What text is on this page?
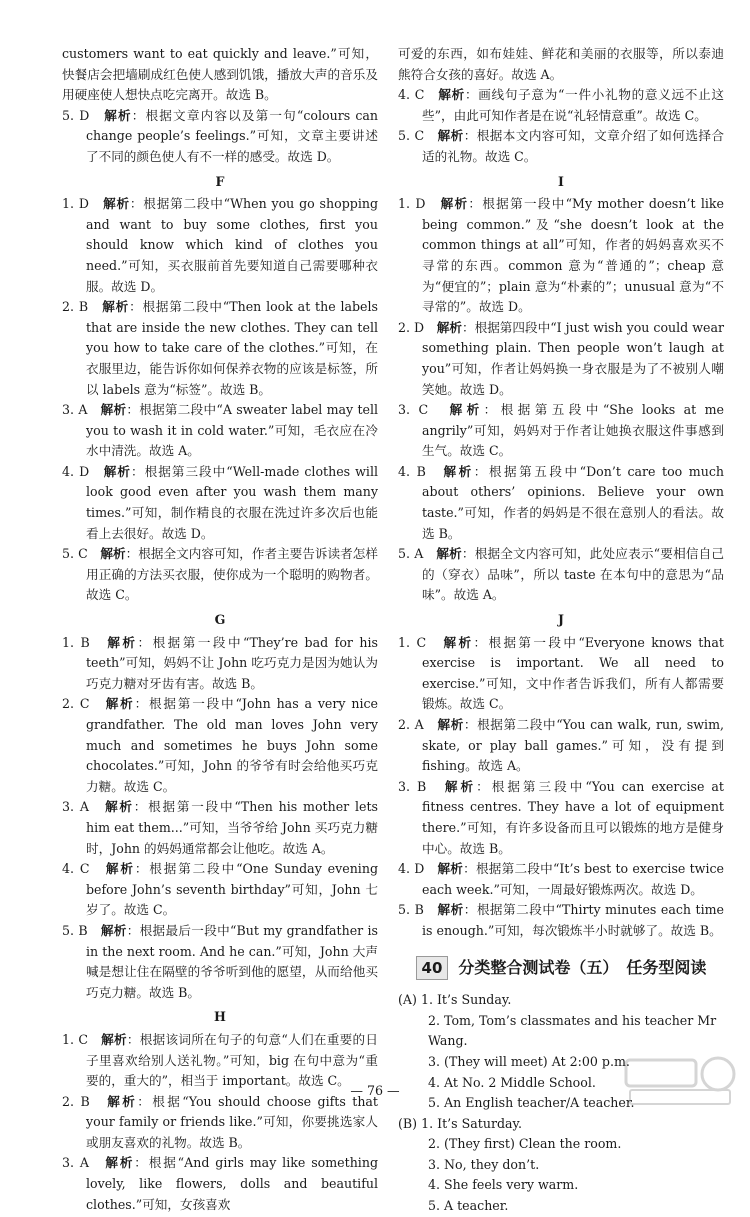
customers want to eat quickly and leave.”可知，快餐店会把墙刷成红色使人感到饥饿，播放大声的音乐及用硬座使人想快点吃完离开。故选 B。

5. D　 解析：根据文章内容以及第一句“colours can change people’s feelings.”可知，文章主要讲述了不同的颜色使人有不一样的感受。故选 D。

F

1. D　 解析：根据第二段中“When you go shopping and want to buy some clothes, first you should know which kind of clothes you need.”可知，买衣服前首先要知道自己需要哪种衣服。故选 D。

2. B　 解析：根据第二段中“Then look at the labels that are inside the new clothes. They can tell you how to take care of the clothes.”可知，在衣服里边，能告诉你如何保养衣物的应该是标签，所以 labels 意为“标签”。故选 B。

3. A　 解析：根据第二段中“A sweater label may tell you to wash it in cold water.”可知，毛衣应在冷水中清洗。故选 A。

4. D　 解析：根据第三段中“Well-made clothes will look good even after you wash them many times.”可知，制作精良的衣服在洗过许多次后也能看上去很好。故选 D。

5. C　 解析：根据全文内容可知，作者主要告诉读者怎样用正确的方法买衣服，使你成为一个聪明的购物者。故选 C。

G

1. B　 解析：根据第一段中“They’re bad for his teeth”可知，妈妈不让 John 吃巧克力是因为她认为巧克力糖对牙齿有害。故选 B。

2. C　 解析：根据第一段中“John has a very nice grandfather. The old man loves John very much and sometimes he buys John some chocolates.”可知，John 的爷爷有时会给他买巧克力糖。故选 C。

3. A　 解析：根据第一段中“Then his mother lets him eat them...”可知，当爷爷给 John 买巧克力糖时，John 的妈妈通常都会让他吃。故选 A。

4. C　 解析：根据第二段中“One Sunday evening before John’s seventh birthday”可知，John 七岁了。故选 C。

5. B　 解析：根据最后一段中“But my grandfather is in the next room. And he can.”可知，John 大声喊是想让住在隔壁的爷爷听到他的愿望，从而给他买巧克力糖。故选 B。

H

1. C　 解析：根据该词所在句子的句意“人们在重要的日子里喜欢给别人送礼物。”可知，big 在句中意为“重要的，重大的”，相当于 important。故选 C。

2. B　 解析：根据“You should choose gifts that your family or friends like.”可知，你要挑选家人或朋友喜欢的礼物。故选 B。

3. A　 解析：根据“And girls may like something lovely, like flowers, dolls and beautiful clothes.”可知，女孩喜欢

可爱的东西，如布娃娃、鲜花和美丽的衣服等，所以泰迪熊符合女孩的喜好。故选 A。

4. C　 解析：画线句子意为“一件小礼物的意义远不止这些”，由此可知作者是在说“礼轻情意重”。故选 C。

5. C　 解析：根据本文内容可知，文章介绍了如何选择合适的礼物。故选 C。

I

1. D　 解析：根据第一段中“My mother doesn’t like being common.”及“she doesn’t look at the common things at all”可知，作者的妈妈喜欢买不寻常的东西。common 意为“普通的”；cheap 意为“便宜的”；plain 意为“朴素的”；unusual 意为“不寻常的”。故选 D。

2. D　 解析：根据第四段中“I just wish you could wear something plain. Then people won’t laugh at you”可知，作者让妈妈换一身衣服是为了不被别人嘲笑她。故选 D。

3. C　 解析：根据第五段中“She looks at me angrily”可知，妈妈对于作者让她换衣服这件事感到生气。故选 C。

4. B　 解析：根据第五段中“Don’t care too much about others’ opinions. Believe your own taste.”可知，作者的妈妈是不很在意别人的看法。故选 B。

5. A　 解析：根据全文内容可知，此处应表示“要相信自己的（穿衣）品味”，所以 taste 在本句中的意思为“品味”。故选 A。

J

1. C　 解析：根据第一段中“Everyone knows that exercise is important. We all need to exercise.”可知，文中作者告诉我们，所有人都需要锻炼。故选 C。

2. A　 解析：根据第二段中“You can walk, run, swim, skate, or play ball games.”可知，没有提到 fishing。故选 A。

3. B　 解析：根据第三段中“You can exercise at fitness centres. They have a lot of equipment there.”可知，有许多设备而且可以锻炼的地方是健身中心。故选 B。

4. D　 解析：根据第二段中“It’s best to exercise twice each week.”可知，一周最好锻炼两次。故选 D。

5. B　 解析：根据第二段中“Thirty minutes each time is enough.”可知，每次锻炼半小时就够了。故选 B。

40	分类整合测试卷（五）　任务型阅读
(A) 1. It’s Sunday.
2. Tom, Tom’s classmates and his teacher Mr Wang.
3. (They will meet) At 2:00 p.m.
4. At No. 2 Middle School.
5. An English teacher/A teacher.
(B) 1. It’s Saturday.
2. (They first) Clean the room.
3. No, they don’t.
4. She feels very warm.
5. A teacher.
— 76 —
